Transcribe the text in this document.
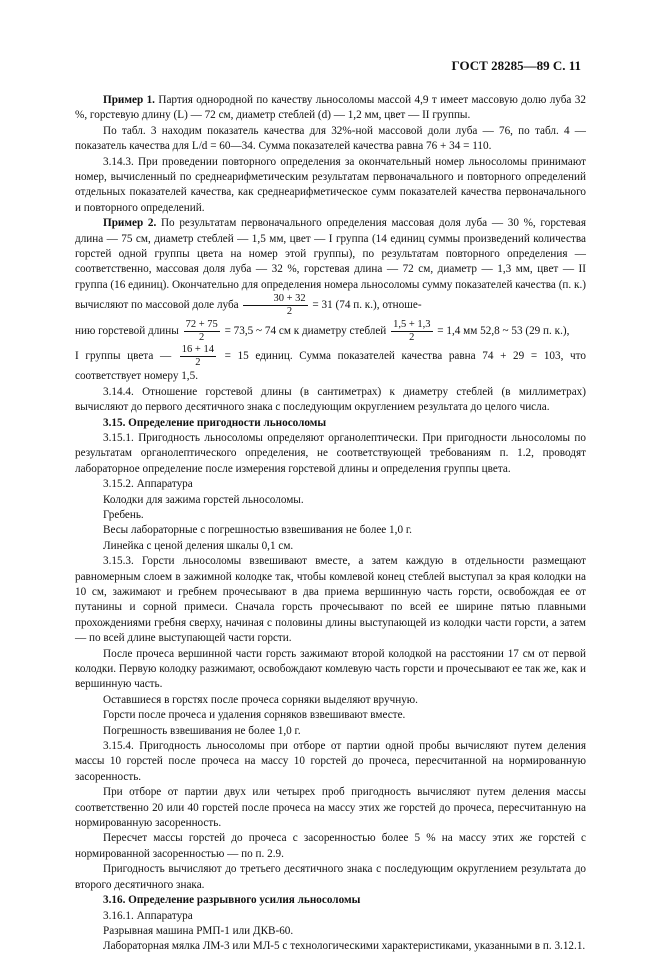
ГОСТ 28285—89 С. 11

Пример 1. Партия однородной по качеству льносоломы массой 4,9 т имеет массовую долю луба 32 %, горстевую длину (L) — 72 см, диаметр стеблей (d) — 1,2 мм, цвет — II группы.

По табл. 3 находим показатель качества для 32%-ной массовой доли луба — 76, по табл. 4 — показатель качества для L/d = 60—34. Сумма показателей качества равна 76 + 34 = 110.

3.14.3. При проведении повторного определения за окончательный номер льносоломы принимают номер, вычисленный по среднеарифметическим результатам первоначального и повторного определений отдельных показателей качества, как среднеарифметическое сумм показателей качества первоначального и повторного определений.

Пример 2. По результатам первоначального определения массовая доля луба — 30 %, горстевая длина — 75 см, диаметр стеблей — 1,5 мм, цвет — I группа (14 единиц суммы произведений количества горстей одной группы цвета на номер этой группы), по результатам повторного определения — соответственно, массовая доля луба — 32 %, горстевая длина — 72 см, диаметр — 1,3 мм, цвет — II группа (16 единиц). Окончательно для определения номера льносоломы сумму показателей качества (п. к.) вычисляют по массовой доле луба $\frac{30 + 32}{2} = 31$ (74 п. к.), отноше-

нию горстевой длины $\frac{72 + 75}{2} = 73,5$ ~ 74 см к диаметру стеблей $\frac{1,5 + 1,3}{2} = 1,4$ мм 52,8 ~ 53 (29 п. к.),

I группы цвета — $\frac{16 + 14}{2} = 15$ единиц. Сумма показателей качества равна 74 + 29 = 103, что соответствует номеру 1,5.

3.14.4. Отношение горстевой длины (в сантиметрах) к диаметру стеблей (в миллиметрах) вычисляют до первого десятичного знака с последующим округлением результата до целого числа.

3.15. Определение пригодности льносоломы

3.15.1. Пригодность льносоломы определяют органолептически. При пригодности льносоломы по результатам органолептического определения, не соответствующей требованиям п. 1.2, проводят лабораторное определение после измерения горстевой длины и определения группы цвета.

3.15.2. Аппаратура

Колодки для зажима горстей льносоломы.

Гребень.

Весы лабораторные с погрешностью взвешивания не более 1,0 г.

Линейка с ценой деления шкалы 0,1 см.

3.15.3. Горсти льносоломы взвешивают вместе, а затем каждую в отдельности размещают равномерным слоем в зажимной колодке так, чтобы комлевой конец стеблей выступал за края колодки на 10 см, зажимают и гребнем прочесывают в два приема вершинную часть горсти, освобождая ее от путанины и сорной примеси. Сначала горсть прочесывают по всей ее ширине пятью плавными прохождениями гребня сверху, начиная с половины длины выступающей из колодки части горсти, а затем — по всей длине выступающей части горсти.

После прочеса вершинной части горсть зажимают второй колодкой на расстоянии 17 см от первой колодки. Первую колодку разжимают, освобождают комлевую часть горсти и прочесывают ее так же, как и вершинную часть.

Оставшиеся в горстях после прочеса сорняки выделяют вручную.

Горсти после прочеса и удаления сорняков взвешивают вместе.

Погрешность взвешивания не более 1,0 г.

3.15.4. Пригодность льносоломы при отборе от партии одной пробы вычисляют путем деления массы 10 горстей после прочеса на массу 10 горстей до прочеса, пересчитанной на нормированную засоренность.

При отборе от партии двух или четырех проб пригодность вычисляют путем деления массы соответственно 20 или 40 горстей после прочеса на массу этих же горстей до прочеса, пересчитанную на нормированную засоренность.

Пересчет массы горстей до прочеса с засоренностью более 5 % на массу этих же горстей с нормированной засоренностью — по п. 2.9.

Пригодность вычисляют до третьего десятичного знака с последующим округлением результата до второго десятичного знака.

3.16. Определение разрывного усилия льносоломы

3.16.1. Аппаратура

Разрывная машина РМП-1 или ДКВ-60.

Лабораторная мялка ЛМ-3 или МЛ-5 с технологическими характеристиками, указанными в п. 3.12.1.
